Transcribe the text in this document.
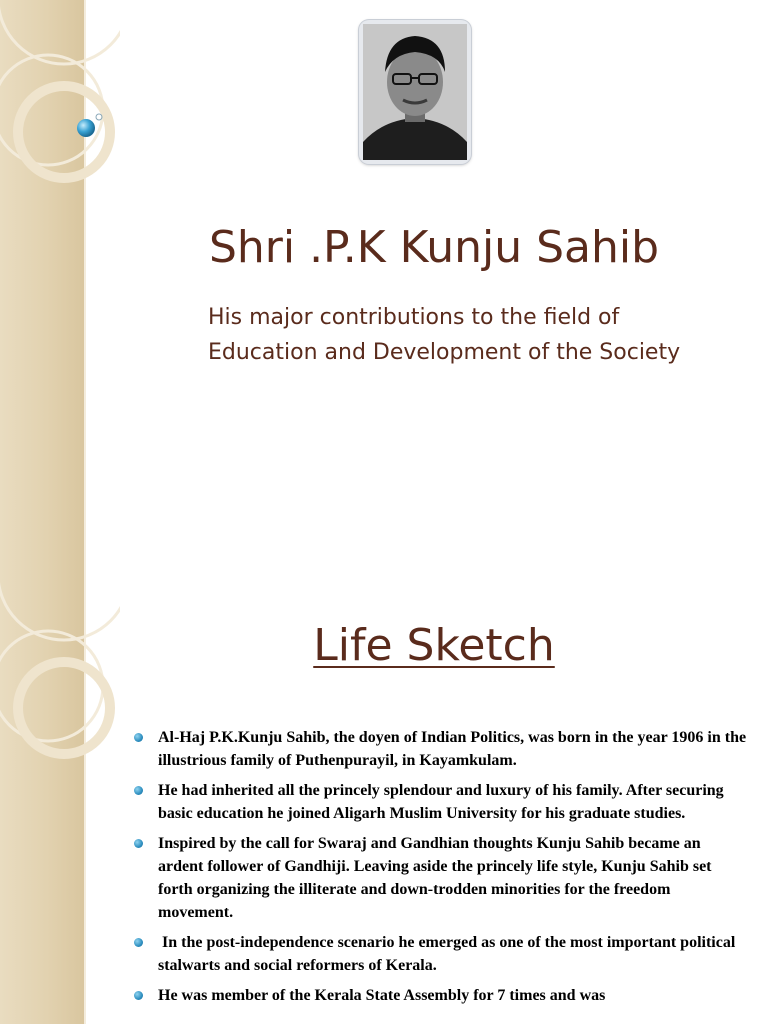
Shri .P.K Kunju Sahib
His major contributions to the field of
Education and Development of the Society
Life Sketch
Al-Haj P.K.Kunju Sahib, the doyen of Indian Politics, was born in the year 1906 in the illustrious family of Puthenpurayil, in Kayamkulam.
He had inherited all the princely splendour and luxury of his family. After securing basic education he joined Aligarh Muslim University for his graduate studies.
Inspired by the call for Swaraj and Gandhian thoughts Kunju Sahib became an ardent follower of Gandhiji. Leaving aside the princely life style, Kunju Sahib set forth organizing the illiterate and down-trodden minorities for the freedom movement.
In the post-independence scenario he emerged as one of the most important political stalwarts and social reformers of Kerala.
He was member of the Kerala State Assembly for 7 times and was
